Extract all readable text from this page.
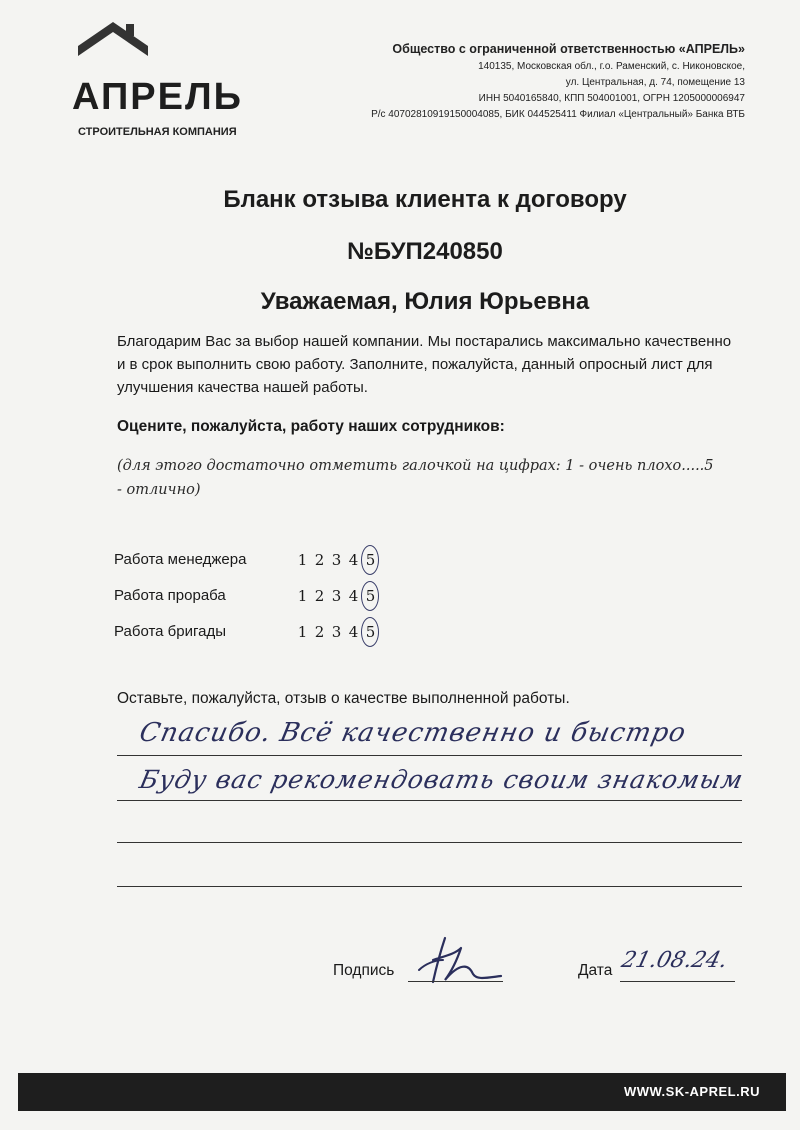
АПРЕЛЬ
СТРОИТЕЛЬНАЯ КОМПАНИЯ
Общество с ограниченной ответственностью «АПРЕЛЬ»
140135, Московская обл., г.о. Раменский, с. Никоновское,
ул. Центральная, д. 74, помещение 13
ИНН 5040165840, КПП 504001001, ОГРН 1205000006947
Р/с 40702810919150004085, БИК 044525411 Филиал «Центральный» Банка ВТБ
Бланк отзыва клиента к договору
№БУП240850
Уважаемая, Юлия Юрьевна
Благодарим Вас за выбор нашей компании. Мы постарались максимально качественно и в срок выполнить свою работу. Заполните, пожалуйста, данный опросный лист для улучшения качества нашей работы.
Оцените, пожалуйста, работу наших сотрудников:
(для этого достаточно отметить галочкой на цифрах: 1 - очень плохо.....5 - отлично)
Работа менеджера	1 2 3 4 5
Работа прораба	1 2 3 4 5
Работа бригады	1 2 3 4 5
Оставьте, пожалуйста, отзыв о качестве выполненной работы.
Спасибо. Всё качественно и быстро
Буду вас рекомендовать своим знакомым
Подпись	Дата 21.08.24.
WWW.SK-APREL.RU
